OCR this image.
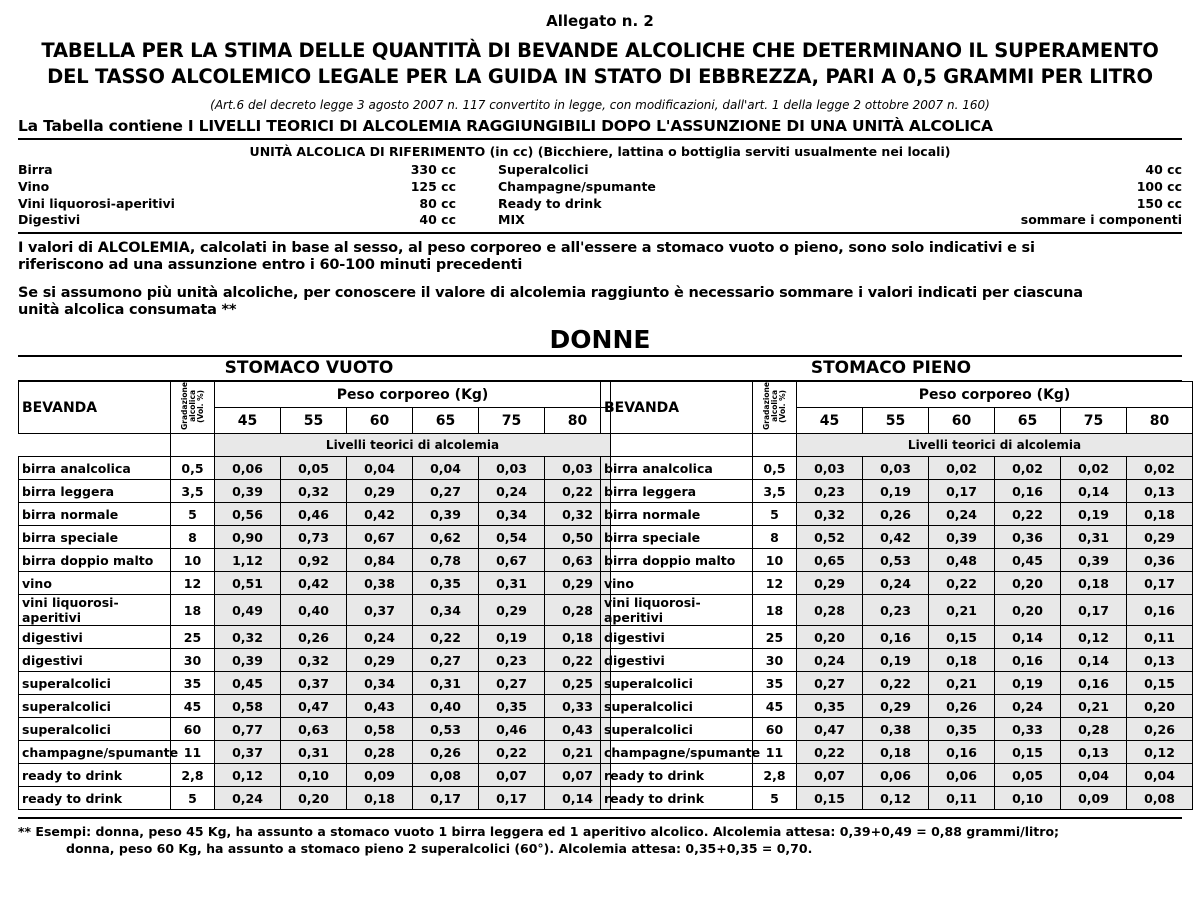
Allegato n. 2
TABELLA PER LA STIMA DELLE QUANTITÀ DI BEVANDE ALCOLICHE CHE DETERMINANO IL SUPERAMENTO
DEL TASSO ALCOLEMICO LEGALE PER LA GUIDA IN STATO DI EBBREZZA, PARI A 0,5 GRAMMI PER LITRO
(Art.6 del decreto legge 3 agosto 2007 n. 117 convertito in legge, con modificazioni, dall'art. 1 della legge 2 ottobre 2007 n. 160)
La Tabella contiene I LIVELLI TEORICI DI ALCOLEMIA RAGGIUNGIBILI DOPO L'ASSUNZIONE DI UNA UNITÀ ALCOLICA
UNITÀ ALCOLICA DI RIFERIMENTO (in cc) (Bicchiere, lattina o bottiglia serviti usualmente nei locali)
Birra	330 cc	Superalcolici	40 cc
Vino	125 cc	Champagne/spumante	100 cc
Vini liquorosi-aperitivi	80 cc	Ready to drink	150 cc
Digestivi	40 cc	MIX	sommare i componenti
I valori di ALCOLEMIA, calcolati in base al sesso, al peso corporeo e all'essere a stomaco vuoto o pieno, sono solo indicativi e si
riferiscono ad una assunzione entro i 60-100 minuti precedenti
Se si assumono più unità alcoliche, per conoscere il valore di alcolemia raggiunto è necessario sommare i valori indicati per ciascuna
unità alcolica consumata **
DONNE
STOMACO VUOTO	STOMACO PIENO
BEVANDA	Gradazione
alcolica
(Vol. %)	Peso corporeo (Kg)					
		45	55	60	65	75	80
		Livelli teorici di alcolemia					
birra analcolica	0,5	0,06	0,05	0,04	0,04	0,03	0,03
birra leggera	3,5	0,39	0,32	0,29	0,27	0,24	0,22
birra normale	5	0,56	0,46	0,42	0,39	0,34	0,32
birra speciale	8	0,90	0,73	0,67	0,62	0,54	0,50
birra doppio malto	10	1,12	0,92	0,84	0,78	0,67	0,63
vino	12	0,51	0,42	0,38	0,35	0,31	0,29
vini liquorosi-aperitivi	18	0,49	0,40	0,37	0,34	0,29	0,28
digestivi	25	0,32	0,26	0,24	0,22	0,19	0,18
digestivi	30	0,39	0,32	0,29	0,27	0,23	0,22
superalcolici	35	0,45	0,37	0,34	0,31	0,27	0,25
superalcolici	45	0,58	0,47	0,43	0,40	0,35	0,33
superalcolici	60	0,77	0,63	0,58	0,53	0,46	0,43
champagne/spumante	11	0,37	0,31	0,28	0,26	0,22	0,21
ready to drink	2,8	0,12	0,10	0,09	0,08	0,07	0,07
ready to drink	5	0,24	0,20	0,18	0,17	0,17	0,14
BEVANDA	Gradazione
alcolica
(Vol. %)	Peso corporeo (Kg)					
		45	55	60	65	75	80
		Livelli teorici di alcolemia					
birra analcolica	0,5	0,03	0,03	0,02	0,02	0,02	0,02
birra leggera	3,5	0,23	0,19	0,17	0,16	0,14	0,13
birra normale	5	0,32	0,26	0,24	0,22	0,19	0,18
birra speciale	8	0,52	0,42	0,39	0,36	0,31	0,29
birra doppio malto	10	0,65	0,53	0,48	0,45	0,39	0,36
vino	12	0,29	0,24	0,22	0,20	0,18	0,17
vini liquorosi-aperitivi	18	0,28	0,23	0,21	0,20	0,17	0,16
digestivi	25	0,20	0,16	0,15	0,14	0,12	0,11
digestivi	30	0,24	0,19	0,18	0,16	0,14	0,13
superalcolici	35	0,27	0,22	0,21	0,19	0,16	0,15
superalcolici	45	0,35	0,29	0,26	0,24	0,21	0,20
superalcolici	60	0,47	0,38	0,35	0,33	0,28	0,26
champagne/spumante	11	0,22	0,18	0,16	0,15	0,13	0,12
ready to drink	2,8	0,07	0,06	0,06	0,05	0,04	0,04
ready to drink	5	0,15	0,12	0,11	0,10	0,09	0,08
** Esempi: donna, peso 45 Kg, ha assunto a stomaco vuoto 1 birra leggera ed 1 aperitivo alcolico. Alcolemia attesa: 0,39+0,49 = 0,88 grammi/litro;
donna, peso 60 Kg, ha assunto a stomaco pieno 2 superalcolici (60°). Alcolemia attesa: 0,35+0,35 = 0,70.
